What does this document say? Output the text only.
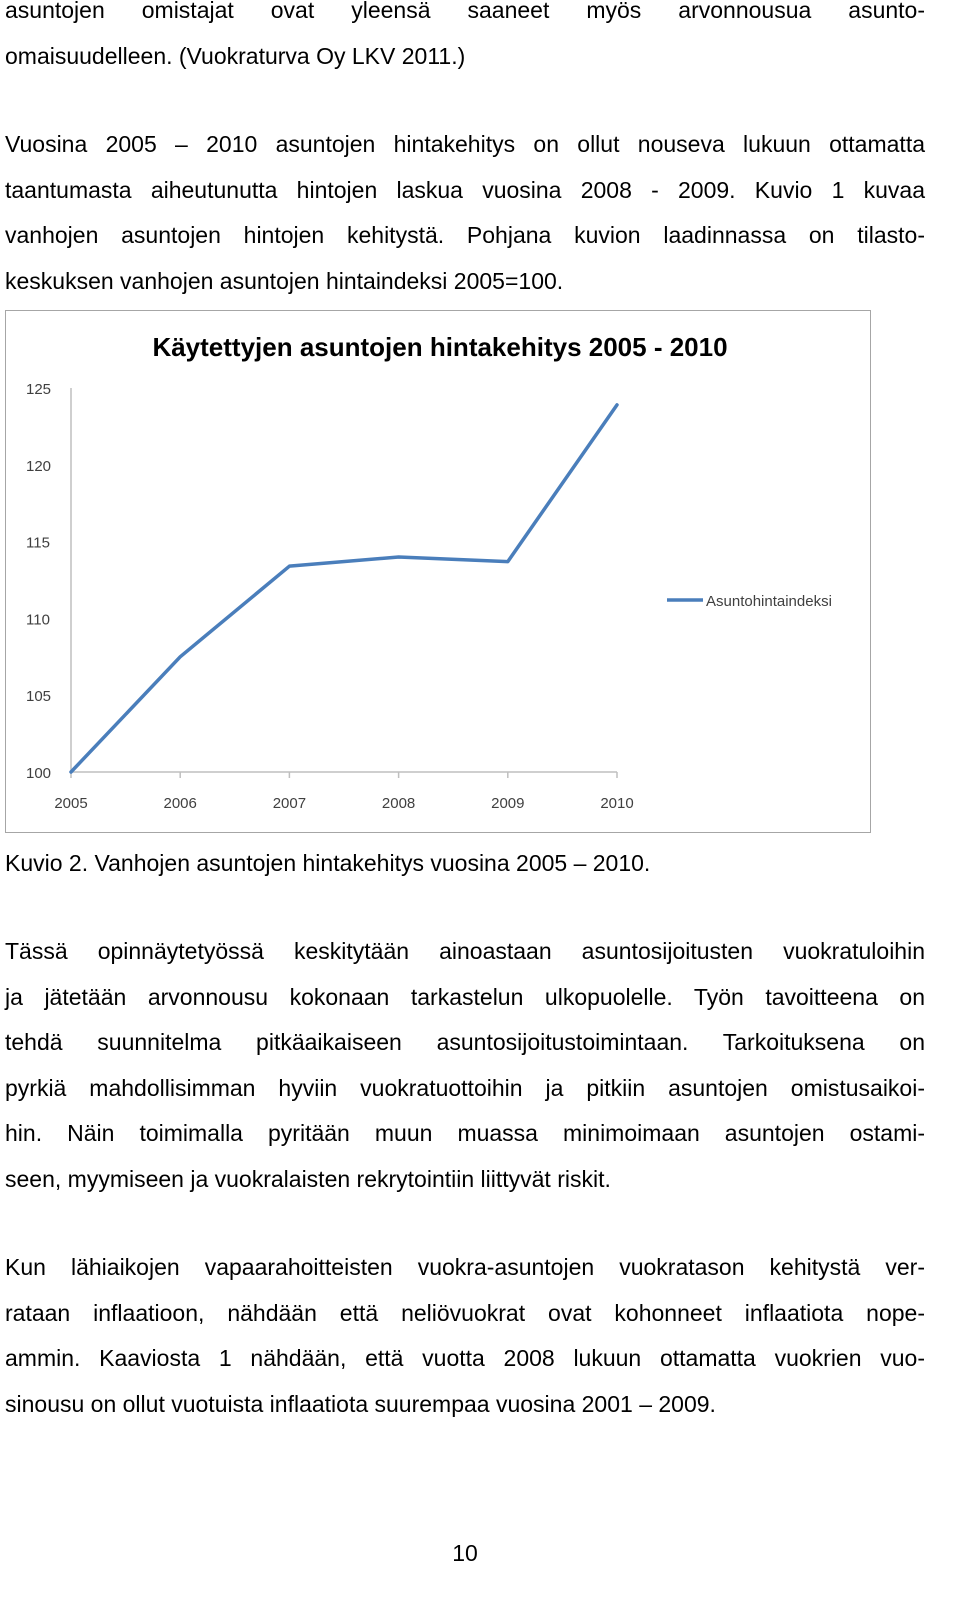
asuntojen omistajat ovat yleensä saaneet myös arvonnousua asunto-
omaisuudelleen. (Vuokraturva Oy LKV 2011.)
Vuosina 2005 – 2010 asuntojen hintakehitys on ollut nouseva lukuun ottamatta
taantumasta aiheutunutta hintojen laskua vuosina 2008 - 2009. Kuvio 1 kuvaa
vanhojen asuntojen hintojen kehitystä. Pohjana kuvion laadinnassa on tilasto-
keskuksen vanhojen asuntojen hintaindeksi 2005=100.
Käytettyjen asuntojen hintakehitys 2005 - 2010
100
105
110
115
120
125
2005	2006	2007	2008	2009	2010
Asuntohintaindeksi

Kuvio 2. Vanhojen asuntojen hintakehitys vuosina 2005 – 2010.

Tässä opinnäytetyössä keskitytään ainoastaan asuntosijoitusten vuokratuloihin
ja jätetään arvonnousu kokonaan tarkastelun ulkopuolelle. Työn tavoitteena on
tehdä suunnitelma pitkäaikaiseen asuntosijoitustoimintaan. Tarkoituksena on
pyrkiä mahdollisimman hyviin vuokratuottoihin ja pitkiin asuntojen omistusaikoi-
hin. Näin toimimalla pyritään muun muassa minimoimaan asuntojen ostami-
seen, myymiseen ja vuokralaisten rekrytointiin liittyvät riskit.
Kun lähiaikojen vapaarahoitteisten vuokra-asuntojen vuokratason kehitystä ver-
rataan inflaatioon, nähdään että neliövuokrat ovat kohonneet inflaatiota nope-
ammin. Kaaviosta 1 nähdään, että vuotta 2008 lukuun ottamatta vuokrien vuo-
sinousu on ollut vuotuista inflaatiota suurempaa vuosina 2001 – 2009.
10
